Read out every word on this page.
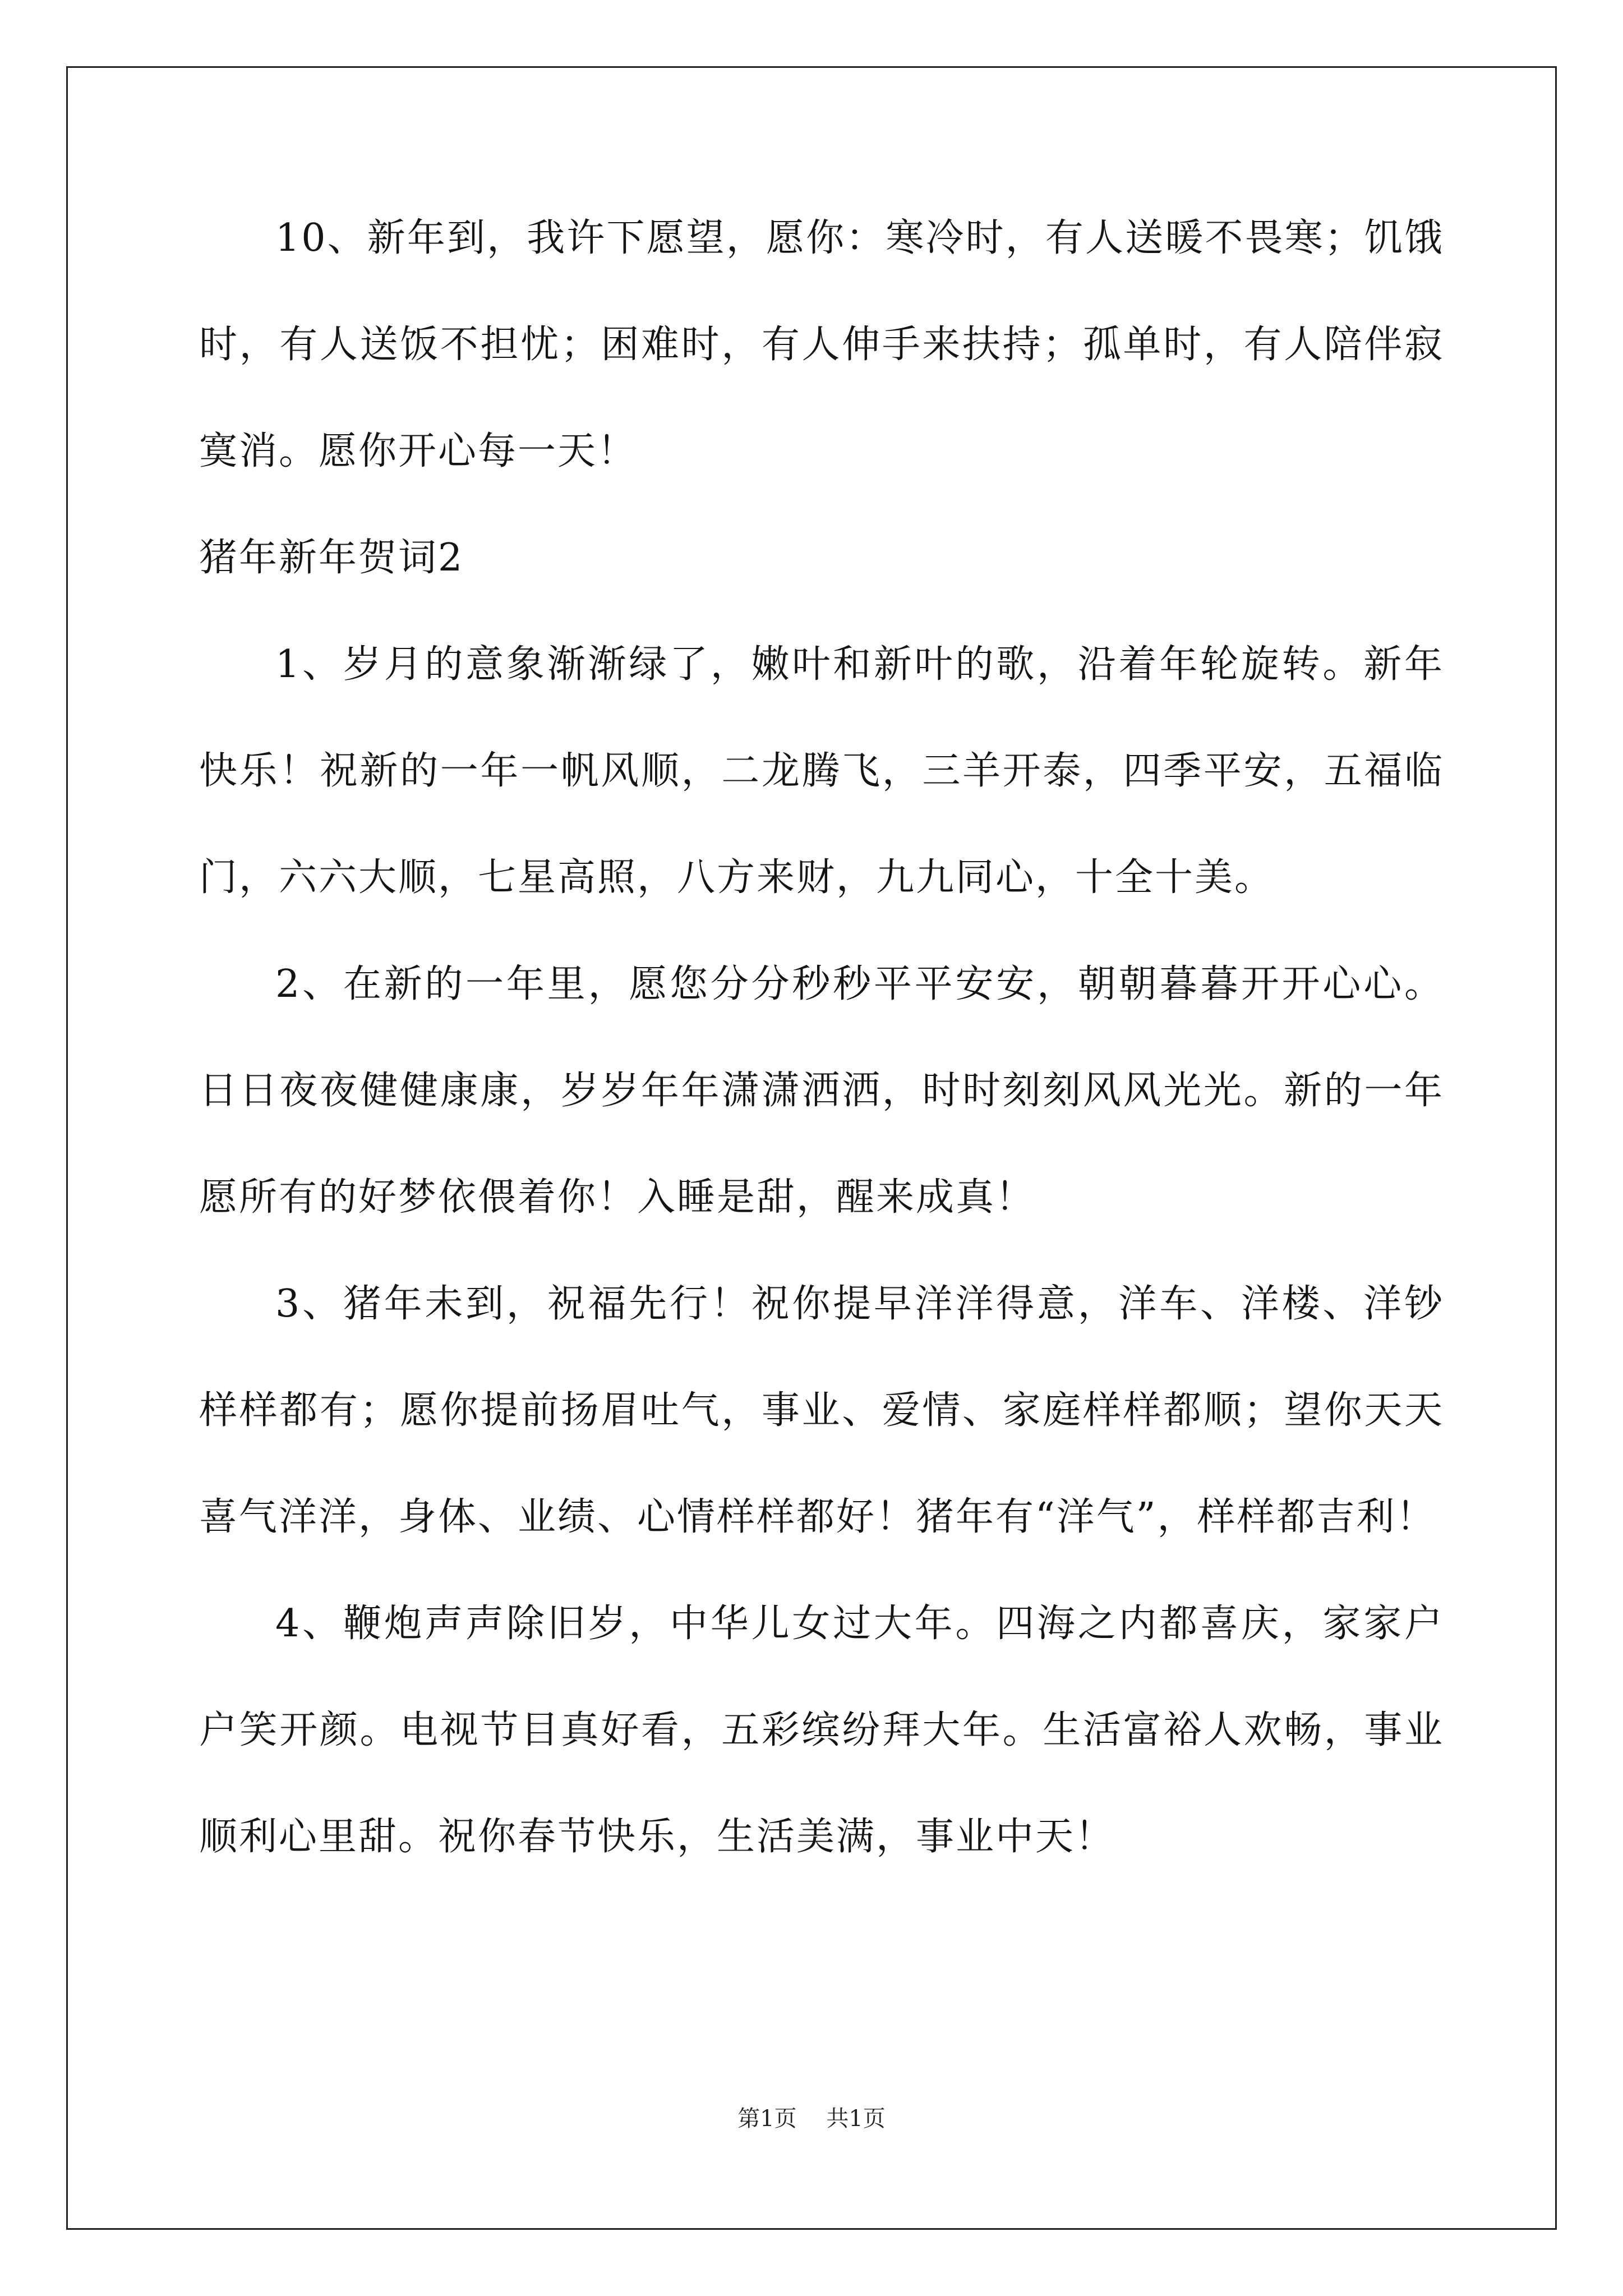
10、新年到，我许下愿望，愿你：寒冷时，有人送暖不畏寒；饥饿时，有人送饭不担忧；困难时，有人伸手来扶持；孤单时，有人陪伴寂寞消。愿你开心每一天！

猪年新年贺词2

1、岁月的意象渐渐绿了，嫩叶和新叶的歌，沿着年轮旋转。新年快乐！祝新的一年一帆风顺，二龙腾飞，三羊开泰，四季平安，五福临门，六六大顺，七星高照，八方来财，九九同心，十全十美。

2、在新的一年里，愿您分分秒秒平平安安，朝朝暮暮开开心心。日日夜夜健健康康，岁岁年年潇潇洒洒，时时刻刻风风光光。新的一年愿所有的好梦依偎着你！入睡是甜，醒来成真！

3、猪年未到，祝福先行！祝你提早洋洋得意，洋车、洋楼、洋钞样样都有；愿你提前扬眉吐气，事业、爱情、家庭样样都顺；望你天天喜气洋洋，身体、业绩、心情样样都好！猪年有“洋气”，样样都吉利！

4、鞭炮声声除旧岁，中华儿女过大年。四海之内都喜庆，家家户户笑开颜。电视节目真好看，五彩缤纷拜大年。生活富裕人欢畅，事业顺利心里甜。祝你春节快乐，生活美满，事业中天！

第1页 共1页
